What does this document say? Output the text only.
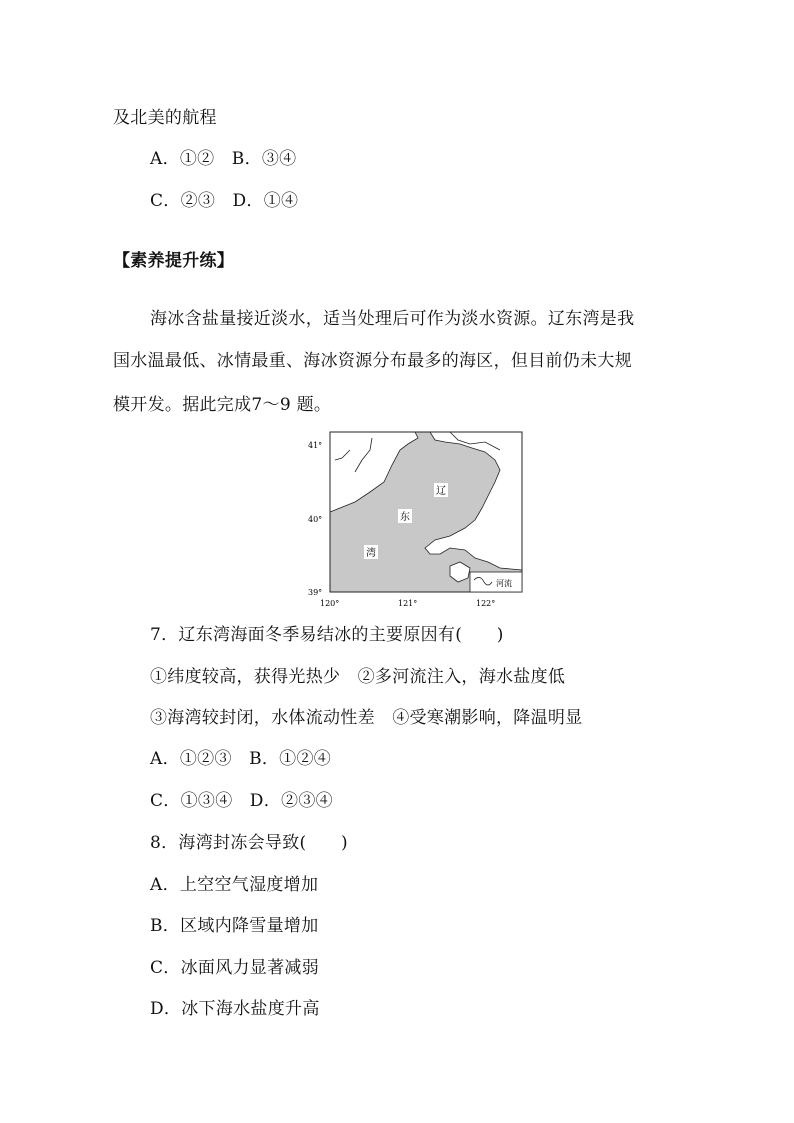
及北美的航程
A．①②　B．③④
C．②③　D．①④
【素养提升练】
海冰含盐量接近淡水，适当处理后可作为淡水资源。辽东湾是我
国水温最低、冰情最重、海冰资源分布最多的海区，但目前仍未大规
模开发。据此完成7～9 题。
41°
40°
39°
河流
辽
东
湾
120°	121°	122°
7．辽东湾海面冬季易结冰的主要原因有(　　)
①纬度较高，获得光热少　②多河流注入，海水盐度低
③海湾较封闭，水体流动性差　④受寒潮影响，降温明显
A．①②③　B．①②④
C．①③④　D．②③④
8．海湾封冻会导致(　　)
A．上空空气湿度增加
B．区域内降雪量增加
C．冰面风力显著减弱
D．冰下海水盐度升高
